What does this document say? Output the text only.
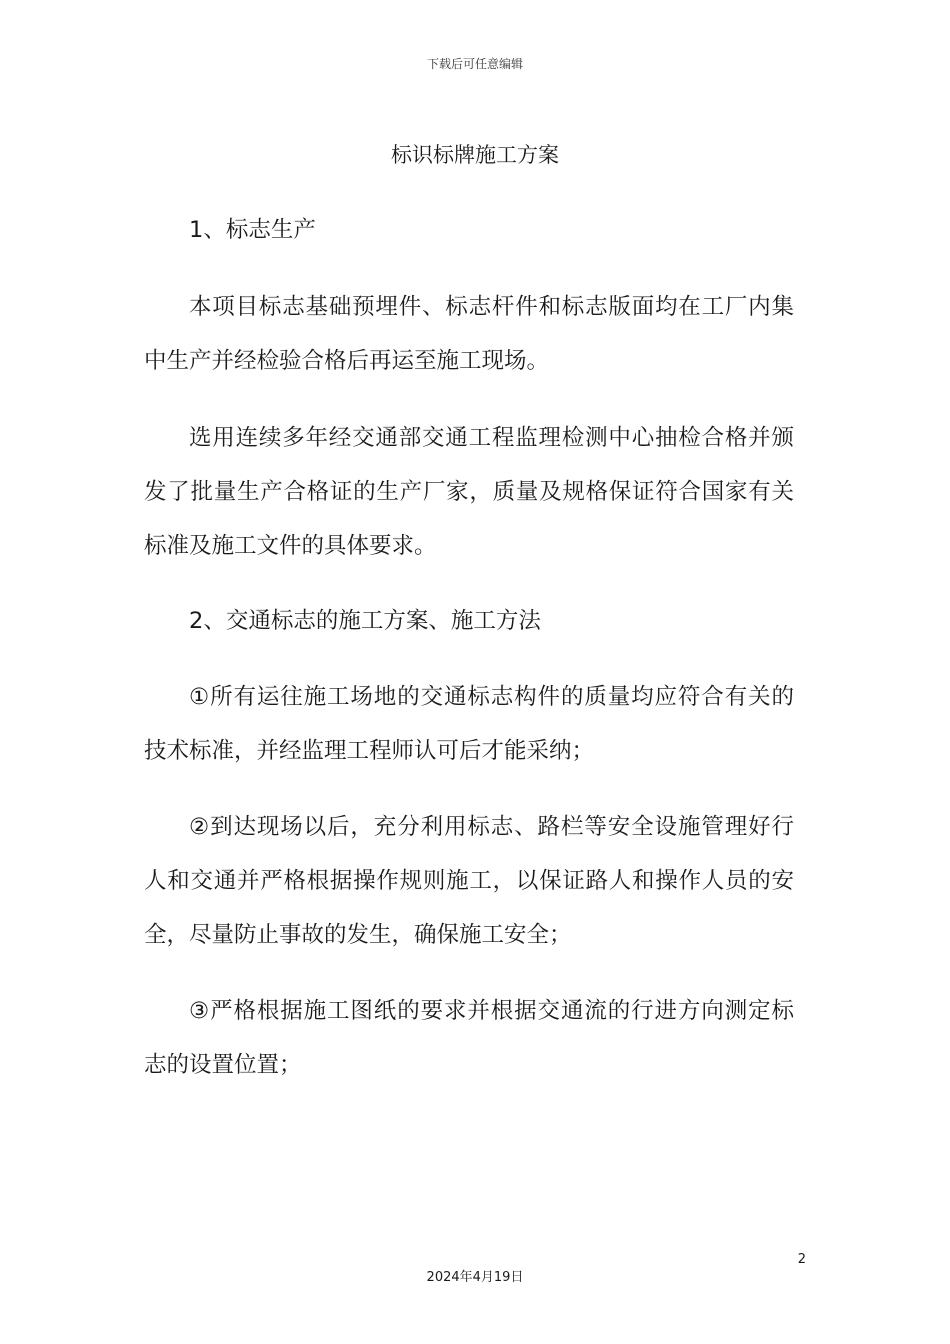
下载后可任意编辑
标识标牌施工方案

1、标志生产

本项目标志基础预埋件、标志杆件和标志版面均在工厂内集中生产并经检验合格后再运至施工现场。

选用连续多年经交通部交通工程监理检测中心抽检合格并颁发了批量生产合格证的生产厂家，质量及规格保证符合国家有关标准及施工文件的具体要求。

2、交通标志的施工方案、施工方法

①所有运往施工场地的交通标志构件的质量均应符合有关的技术标准，并经监理工程师认可后才能采纳；

②到达现场以后，充分利用标志、路栏等安全设施管理好行人和交通并严格根据操作规则施工，以保证路人和操作人员的安全，尽量防止事故的发生，确保施工安全；

③严格根据施工图纸的要求并根据交通流的行进方向测定标志的设置位置；

2
2024年4月19日
